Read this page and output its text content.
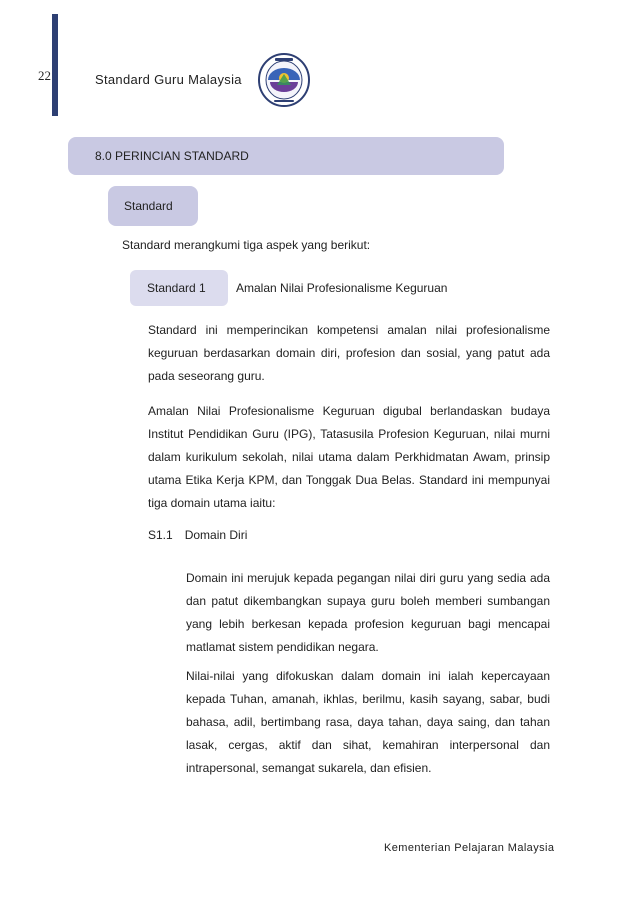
22	Standard Guru Malaysia
8.0 PERINCIAN STANDARD
Standard
Standard merangkumi tiga aspek yang berikut:
Standard 1	Amalan Nilai Profesionalisme Keguruan

Standard ini memperincikan kompetensi amalan nilai profesionalisme keguruan berdasarkan domain diri, profesion dan sosial, yang patut ada pada seseorang guru.

Amalan Nilai Profesionalisme Keguruan digubal berlandaskan budaya Institut Pendidikan Guru (IPG), Tatasusila Profesion Keguruan, nilai murni dalam kurikulum sekolah, nilai utama dalam Perkhidmatan Awam, prinsip utama Etika Kerja KPM, dan Tonggak Dua Belas. Standard ini mempunyai tiga domain utama iaitu:

S1.1 Domain Diri

Domain ini merujuk kepada pegangan nilai diri guru yang sedia ada dan patut dikembangkan supaya guru boleh memberi sumbangan yang lebih berkesan kepada profesion keguruan bagi mencapai matlamat sistem pendidikan negara.

Nilai-nilai yang difokuskan dalam domain ini ialah kepercayaan kepada Tuhan, amanah, ikhlas, berilmu, kasih sayang, sabar, budi bahasa, adil, bertimbang rasa, daya tahan, daya saing, dan tahan lasak, cergas, aktif dan sihat, kemahiran interpersonal dan intrapersonal, semangat sukarela, dan efisien.

Kementerian Pelajaran Malaysia
